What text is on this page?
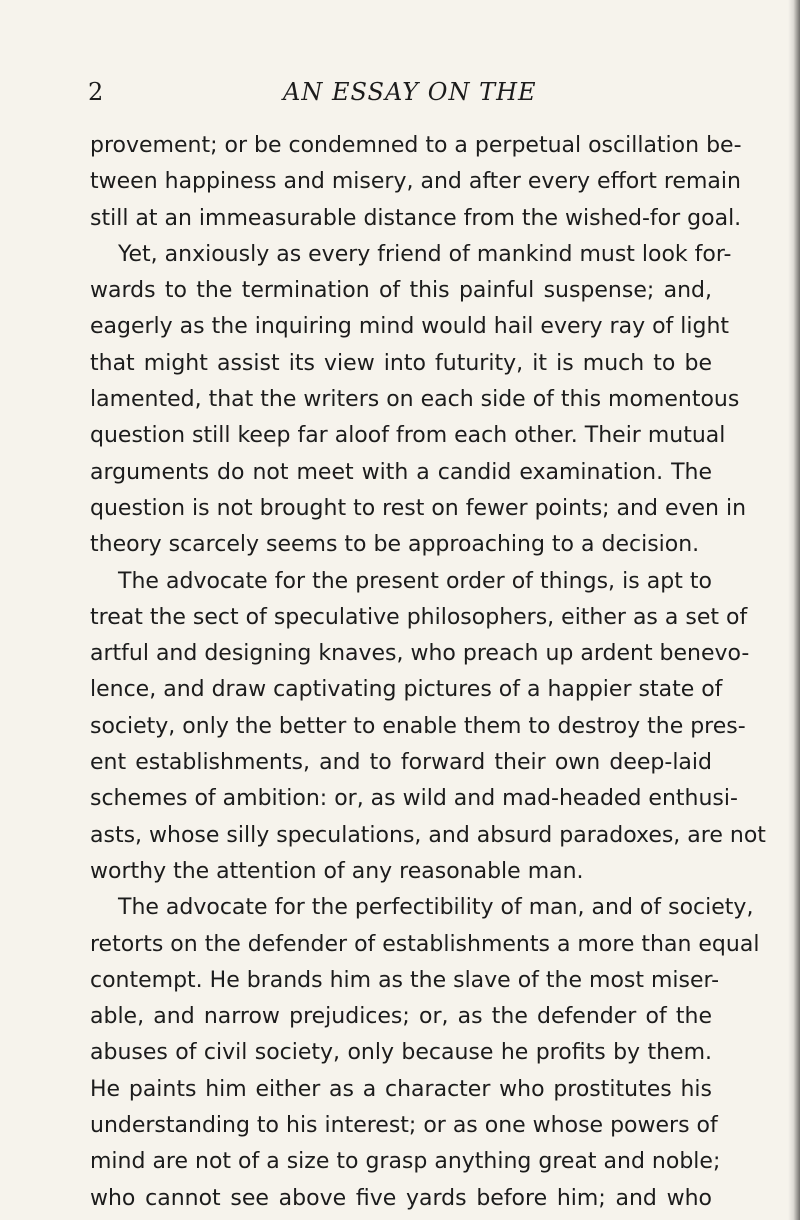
2	AN ESSAY ON THE
provement; or be condemned to a perpetual oscillation be-
tween happiness and misery, and after every effort remain
still at an immeasurable distance from the wished-for goal.
Yet, anxiously as every friend of mankind must look for-
wards to the termination of this painful suspense; and,
eagerly as the inquiring mind would hail every ray of light
that might assist its view into futurity, it is much to be
lamented, that the writers on each side of this momentous
question still keep far aloof from each other. Their mutual
arguments do not meet with a candid examination. The
question is not brought to rest on fewer points; and even in
theory scarcely seems to be approaching to a decision.
The advocate for the present order of things, is apt to
treat the sect of speculative philosophers, either as a set of
artful and designing knaves, who preach up ardent benevo-
lence, and draw captivating pictures of a happier state of
society, only the better to enable them to destroy the pres-
ent establishments, and to forward their own deep-laid
schemes of ambition: or, as wild and mad-headed enthusi-
asts, whose silly speculations, and absurd paradoxes, are not
worthy the attention of any reasonable man.
The advocate for the perfectibility of man, and of society,
retorts on the defender of establishments a more than equal
contempt. He brands him as the slave of the most miser-
able, and narrow prejudices; or, as the defender of the
abuses of civil society, only because he profits by them.
He paints him either as a character who prostitutes his
understanding to his interest; or as one whose powers of
mind are not of a size to grasp anything great and noble;
who cannot see above five yards before him; and who
